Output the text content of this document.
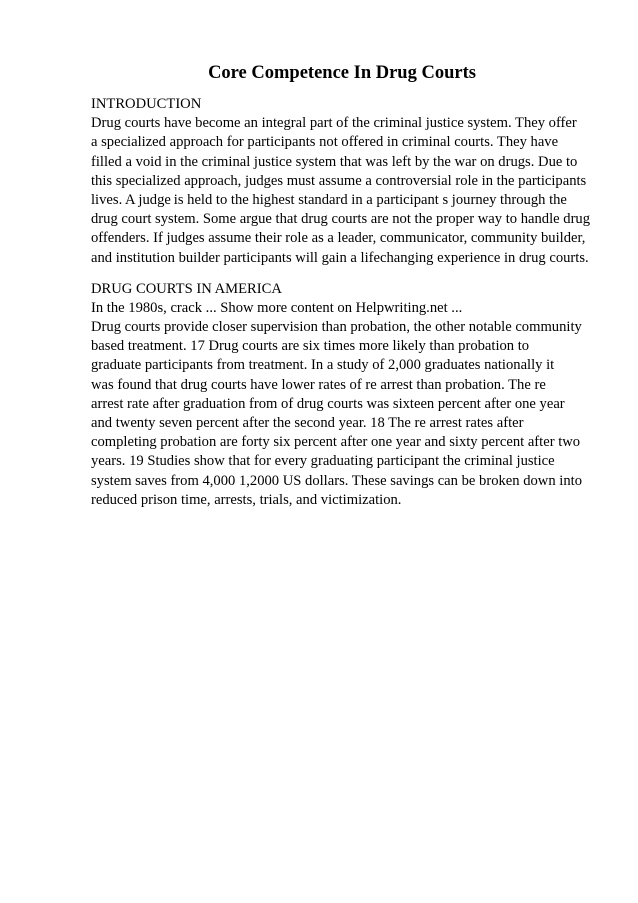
Core Competence In Drug Courts
INTRODUCTION
Drug courts have become an integral part of the criminal justice system. They offer
a specialized approach for participants not offered in criminal courts. They have
filled a void in the criminal justice system that was left by the war on drugs. Due to
this specialized approach, judges must assume a controversial role in the participants
lives. A judge is held to the highest standard in a participant s journey through the
drug court system. Some argue that drug courts are not the proper way to handle drug
offenders. If judges assume their role as a leader, communicator, community builder,
and institution builder participants will gain a lifechanging experience in drug courts.
DRUG COURTS IN AMERICA
In the 1980s, crack ... Show more content on Helpwriting.net ...
Drug courts provide closer supervision than probation, the other notable community
based treatment. 17 Drug courts are six times more likely than probation to
graduate participants from treatment. In a study of 2,000 graduates nationally it
was found that drug courts have lower rates of re arrest than probation. The re
arrest rate after graduation from of drug courts was sixteen percent after one year
and twenty seven percent after the second year. 18 The re arrest rates after
completing probation are forty six percent after one year and sixty percent after two
years. 19 Studies show that for every graduating participant the criminal justice
system saves from 4,000 1,2000 US dollars. These savings can be broken down into
reduced prison time, arrests, trials, and victimization.
